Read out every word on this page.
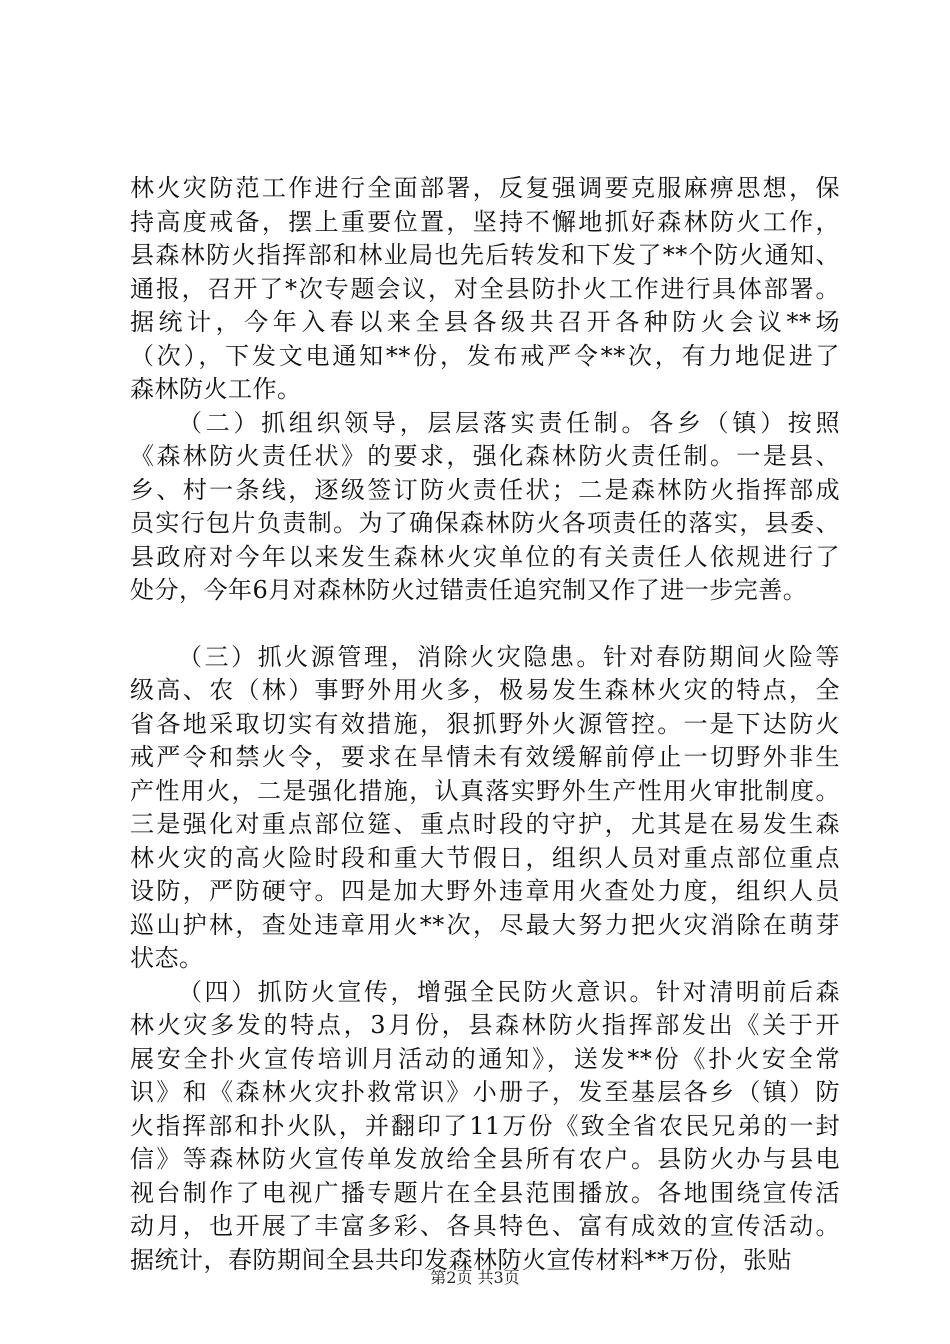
林火灾防范工作进行全面部署，反复强调要克服麻痹思想，保
持高度戒备，摆上重要位置，坚持不懈地抓好森林防火工作，
县森林防火指挥部和林业局也先后转发和下发了**个防火通知、
通报，召开了*次专题会议，对全县防扑火工作进行具体部署。
据统计，今年入春以来全县各级共召开各种防火会议**场
（次），下发文电通知**份，发布戒严令**次，有力地促进了
森林防火工作。
（二）抓组织领导，层层落实责任制。各乡（镇）按照
《森林防火责任状》的要求，强化森林防火责任制。一是县、
乡、村一条线，逐级签订防火责任状；二是森林防火指挥部成
员实行包片负责制。为了确保森林防火各项责任的落实，县委、
县政府对今年以来发生森林火灾单位的有关责任人依规进行了
处分，今年6月对森林防火过错责任追究制又作了进一步完善。
（三）抓火源管理，消除火灾隐患。针对春防期间火险等
级高、农（林）事野外用火多，极易发生森林火灾的特点，全
省各地采取切实有效措施，狠抓野外火源管控。一是下达防火
戒严令和禁火令，要求在旱情未有效缓解前停止一切野外非生
产性用火，二是强化措施，认真落实野外生产性用火审批制度。
三是强化对重点部位筵、重点时段的守护，尤其是在易发生森
林火灾的高火险时段和重大节假日，组织人员对重点部位重点
设防，严防硬守。四是加大野外违章用火查处力度，组织人员
巡山护林，查处违章用火**次，尽最大努力把火灾消除在萌芽
状态。
（四）抓防火宣传，增强全民防火意识。针对清明前后森
林火灾多发的特点，3月份，县森林防火指挥部发出《关于开
展安全扑火宣传培训月活动的通知》，送发**份《扑火安全常
识》和《森林火灾扑救常识》小册子，发至基层各乡（镇）防
火指挥部和扑火队，并翻印了11万份《致全省农民兄弟的一封
信》等森林防火宣传单发放给全县所有农户。县防火办与县电
视台制作了电视广播专题片在全县范围播放。各地围绕宣传活
动月，也开展了丰富多彩、各具特色、富有成效的宣传活动。
据统计，春防期间全县共印发森林防火宣传材料**万份，张贴
第2页 共3页
